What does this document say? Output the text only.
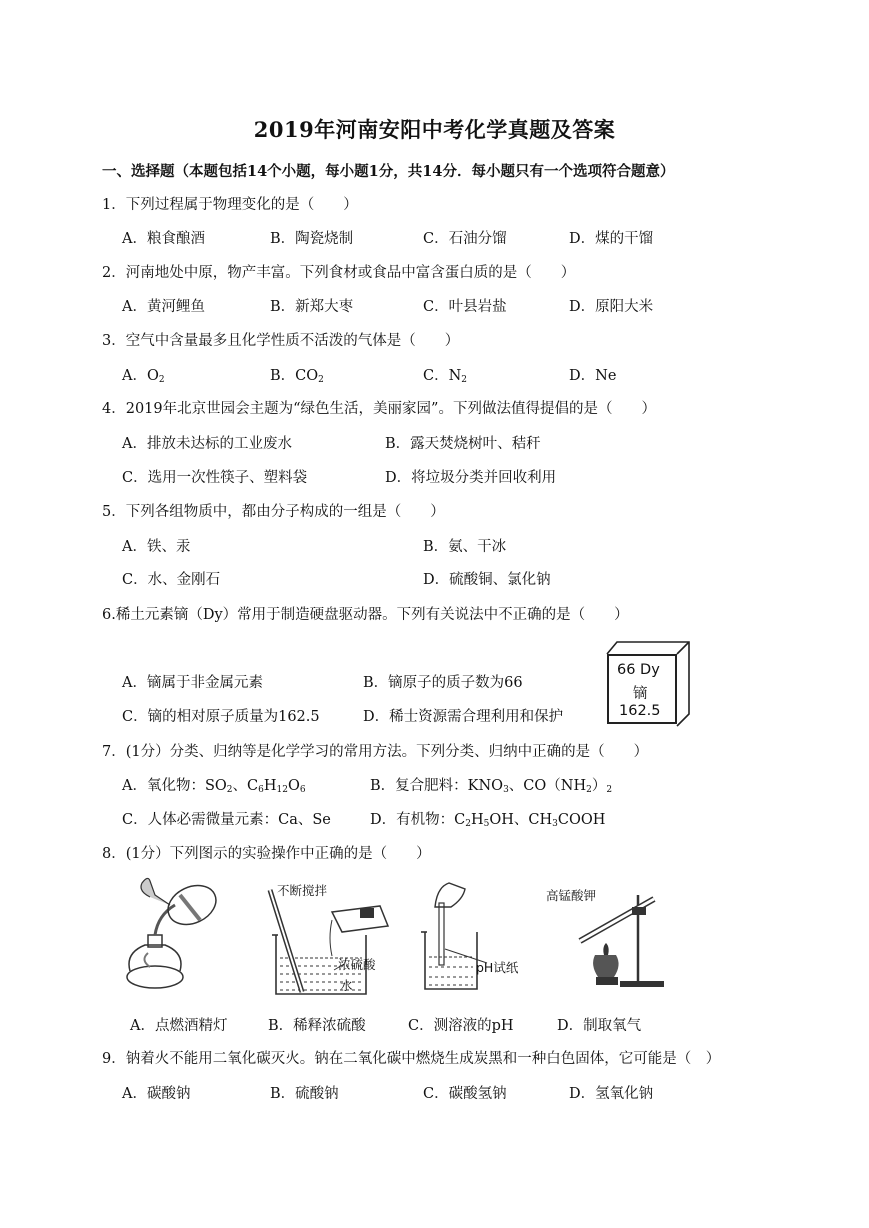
2019年河南安阳中考化学真题及答案
一、选择题（本题包括14个小题，每小题1分，共14分．每小题只有一个选项符合题意）
1．下列过程属于物理变化的是（　　）
A．粮食酿酒	B．陶瓷烧制	C．石油分馏	D．煤的干馏
2．河南地处中原，物产丰富。下列食材或食品中富含蛋白质的是（　　）
A．黄河鲤鱼	B．新郑大枣	C．叶县岩盐	D．原阳大米
3．空气中含量最多且化学性质不活泼的气体是（　　）
A．$O_2$	B．$CO_2$	C．$N_2$	D．Ne
4．2019年北京世园会主题为“绿色生活，美丽家园”。下列做法值得提倡的是（　　）
A．排放未达标的工业废水	B．露天焚烧树叶、秸秆
C．选用一次性筷子、塑料袋	D．将垃圾分类并回收利用
5．下列各组物质中，都由分子构成的一组是（　　）
A．铁、汞	B．氨、干冰
C．水、金刚石	D．硫酸铜、氯化钠
6.稀土元素镝（Dy）常用于制造硬盘驱动器。下列有关说法中不正确的是（　　）
A．镝属于非金属元素	B．镝原子的质子数为66
C．镝的相对原子质量为162.5	D．稀士资源需合理利用和保护
66 Dy
镝
162.5
7．(1分）分类、归纳等是化学学习的常用方法。下列分类、归纳中正确的是（　　）
A．氧化物：$SO_2$、$C_6H_{12}O_6$	B．复合肥料：$KNO_3$、$CO(NH_2)_2$
C．人体必需微量元素：Ca、Se	D．有机物：$C_2H_5OH$、$CH_3COOH$
8．(1分）下列图示的实验操作中正确的是（　　）
不断搅拌
浓硫酸
水
pH试纸
高锰酸钾
A．点燃酒精灯	B．稀释浓硫酸	C．测溶液的pH	D．制取氧气
9．钠着火不能用二氧化碳灭火。钠在二氧化碳中燃烧生成炭黑和一种白色固体，它可能是（　）
A．碳酸钠	B．硫酸钠	C．碳酸氢钠	D．氢氧化钠
